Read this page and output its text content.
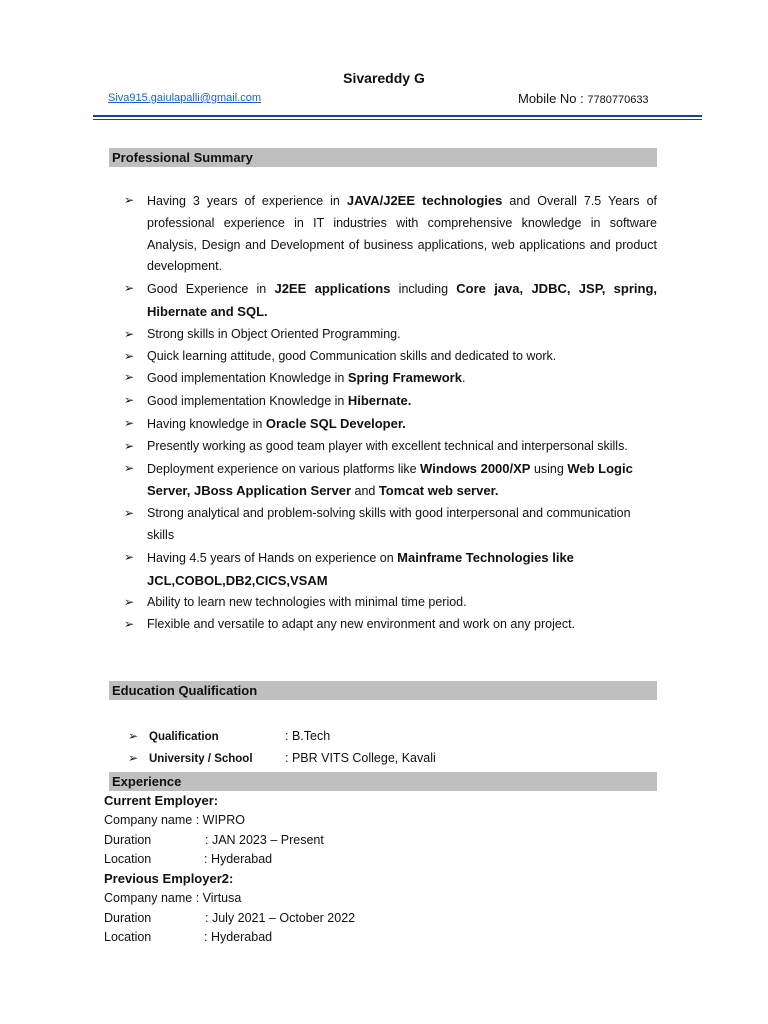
Sivareddy G
Siva915.gaiulapalli@gmail.com	Mobile No : 7780770633
Professional Summary
➢ Having 3 years of experience in JAVA/J2EE technologies and Overall 7.5 Years of professional experience in IT industries with comprehensive knowledge in software Analysis, Design and Development of business applications, web applications and product development.
➢ Good Experience in J2EE applications including Core java, JDBC, JSP, spring, Hibernate and SQL.
➢ Strong skills in Object Oriented Programming.
➢ Quick learning attitude, good Communication skills and dedicated to work.
➢ Good implementation Knowledge in Spring Framework.
➢ Good implementation Knowledge in Hibernate.
➢ Having knowledge in Oracle SQL Developer.
➢ Presently working as good team player with excellent technical and interpersonal skills.
➢ Deployment experience on various platforms like Windows 2000/XP using Web Logic Server, JBoss Application Server and Tomcat web server.
➢ Strong analytical and problem-solving skills with good interpersonal and communication skills
➢ Having 4.5 years of Hands on experience on Mainframe Technologies like JCL,COBOL,DB2,CICS,VSAM
➢ Ability to learn new technologies with minimal time period.
➢ Flexible and versatile to adapt any new environment and work on any project.
Education Qualification
➢ Qualification	: B.Tech
➢ University / School	: PBR VITS College, Kavali
Experience
Current Employer:
Company name : WIPRO
Duration	: JAN 2023 – Present
Location	: Hyderabad
Previous Employer2:
Company name : Virtusa
Duration	: July 2021 – October 2022
Location	: Hyderabad
